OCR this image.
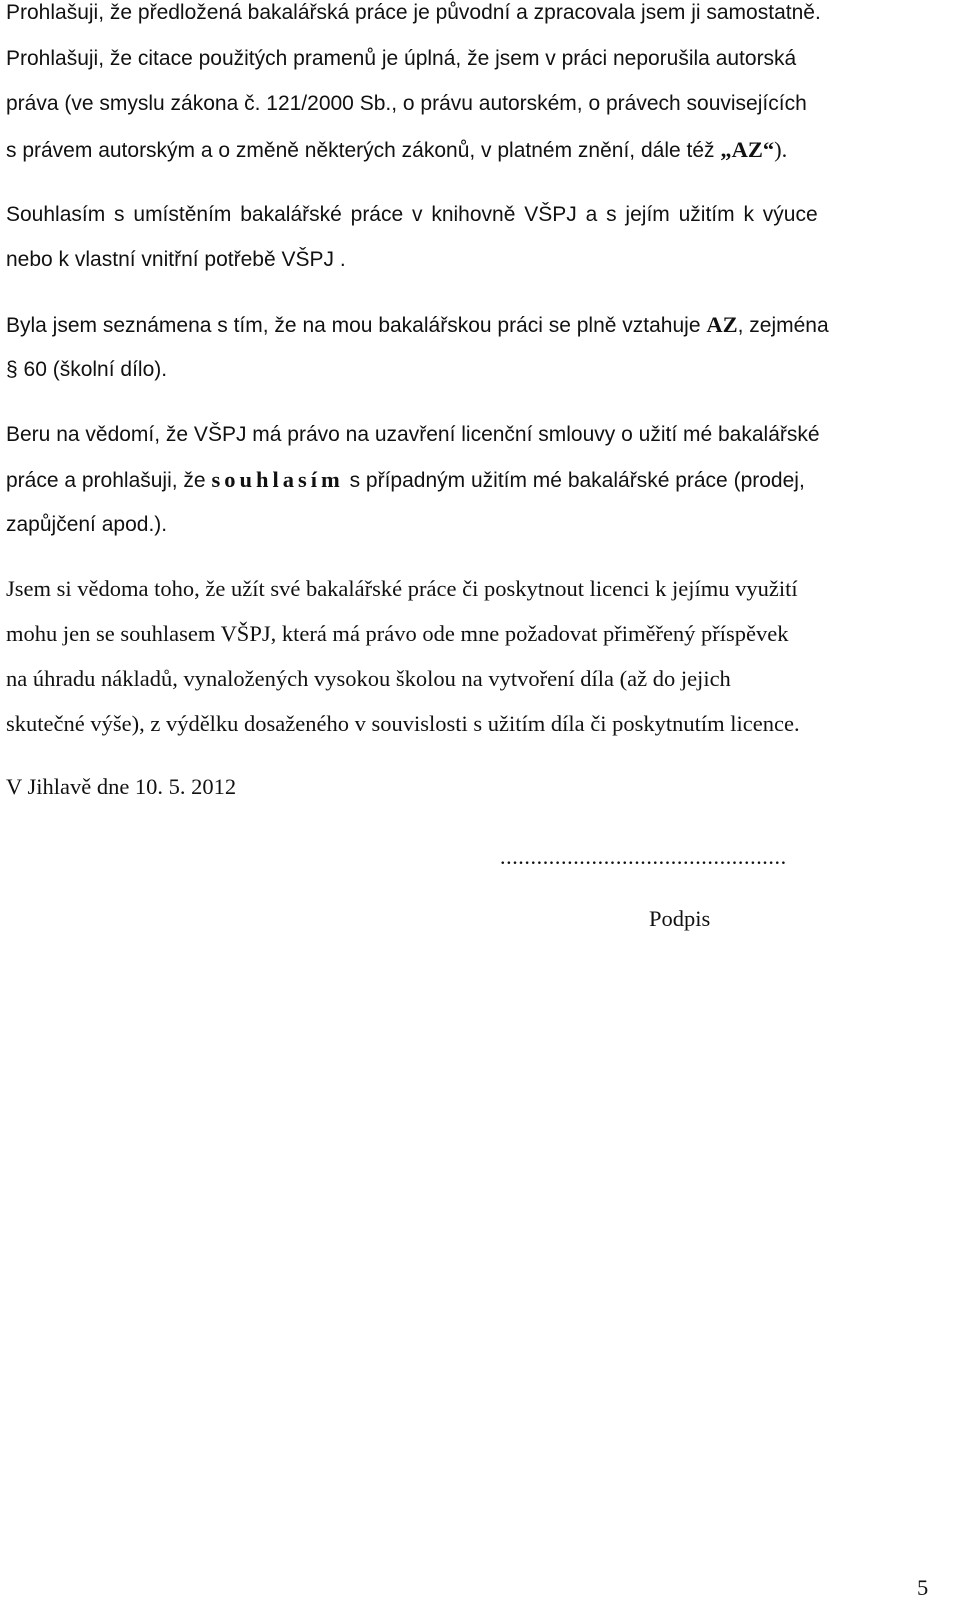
Prohlašuji, že předložená bakalářská práce je původní a zpracovala jsem ji samostatně.
Prohlašuji, že citace použitých pramenů je úplná, že jsem v práci neporušila autorská
práva (ve smyslu zákona č. 121/2000 Sb., o právu autorském, o právech souvisejících
s právem autorským a o změně některých zákonů, v platném znění, dále též „AZ“).
Souhlasím s umístěním bakalářské práce v knihovně VŠPJ a s jejím užitím k výuce
nebo k vlastní vnitřní potřebě VŠPJ .
Byla jsem seznámena s tím, že na mou bakalářskou práci se plně vztahuje AZ, zejména
§ 60 (školní dílo).
Beru na vědomí, že VŠPJ má právo na uzavření licenční smlouvy o užití mé bakalářské
práce a prohlašuji, že souhlasím s případným užitím mé bakalářské práce (prodej,
zapůjčení apod.).
Jsem si vědoma toho, že užít své bakalářské práce či poskytnout licenci k jejímu využití
mohu jen se souhlasem VŠPJ, která má právo ode mne požadovat přiměřený příspěvek
na úhradu nákladů, vynaložených vysokou školou na vytvoření díla (až do jejich
skutečné výše), z výdělku dosaženého v souvislosti s užitím díla či poskytnutím licence.
V Jihlavě dne 10. 5. 2012
...............................................
Podpis
5
